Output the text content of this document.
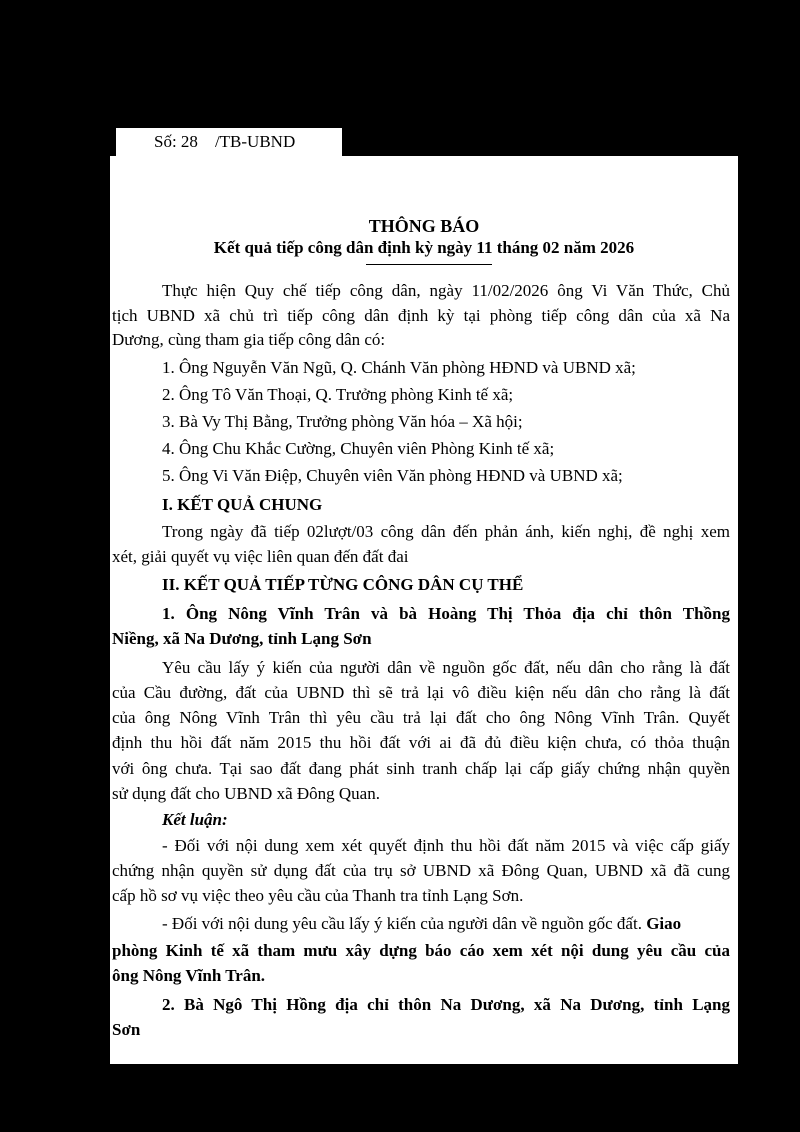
Số: 28 /TB-UBND
THÔNG BÁO
Kết quả tiếp công dân định kỳ ngày 11 tháng 02 năm 2026
Thực hiện Quy chế tiếp công dân, ngày 11/02/2026 ông Vi Văn Thức, Chủ
tịch UBND xã chủ trì tiếp công dân định kỳ tại phòng tiếp công dân của xã Na
Dương, cùng tham gia tiếp công dân có:
1. Ông Nguyễn Văn Ngũ, Q. Chánh Văn phòng HĐND và UBND xã;
2. Ông Tô Văn Thoại, Q. Trưởng phòng Kinh tế xã;
3. Bà Vy Thị Bằng, Trưởng phòng Văn hóa – Xã hội;
4. Ông Chu Khắc Cường, Chuyên viên Phòng Kinh tế xã;
5. Ông Vi Văn Điệp, Chuyên viên Văn phòng HĐND và UBND xã;
I. KẾT QUẢ CHUNG
Trong ngày đã tiếp 02lượt/03 công dân đến phản ánh, kiến nghị, đề nghị xem
xét, giải quyết vụ việc liên quan đến đất đai
II. KẾT QUẢ TIẾP TỪNG CÔNG DÂN CỤ THỂ
1. Ông Nông Vĩnh Trân và bà Hoàng Thị Thỏa địa chỉ thôn Thồng
Niềng, xã Na Dương, tỉnh Lạng Sơn
Yêu cầu lấy ý kiến của người dân về nguồn gốc đất, nếu dân cho rằng là đất
của Cầu đường, đất của UBND thì sẽ trả lại vô điều kiện nếu dân cho rằng là đất
của ông Nông Vĩnh Trân thì yêu cầu trả lại đất cho ông Nông Vĩnh Trân. Quyết
định thu hồi đất năm 2015 thu hồi đất với ai đã đủ điều kiện chưa, có thỏa thuận
với ông chưa. Tại sao đất đang phát sinh tranh chấp lại cấp giấy chứng nhận quyền
sử dụng đất cho UBND xã Đông Quan.
Kết luận:
- Đối với nội dung xem xét quyết định thu hồi đất năm 2015 và việc cấp giấy
chứng nhận quyền sử dụng đất của trụ sở UBND xã Đông Quan, UBND xã đã cung
cấp hồ sơ vụ việc theo yêu cầu của Thanh tra tỉnh Lạng Sơn.
- Đối với nội dung yêu cầu lấy ý kiến của người dân về nguồn gốc đất. Giao
phòng Kinh tế xã tham mưu xây dựng báo cáo xem xét nội dung yêu cầu của
ông Nông Vĩnh Trân.
2. Bà Ngô Thị Hồng địa chỉ thôn Na Dương, xã Na Dương, tỉnh Lạng
Sơn
